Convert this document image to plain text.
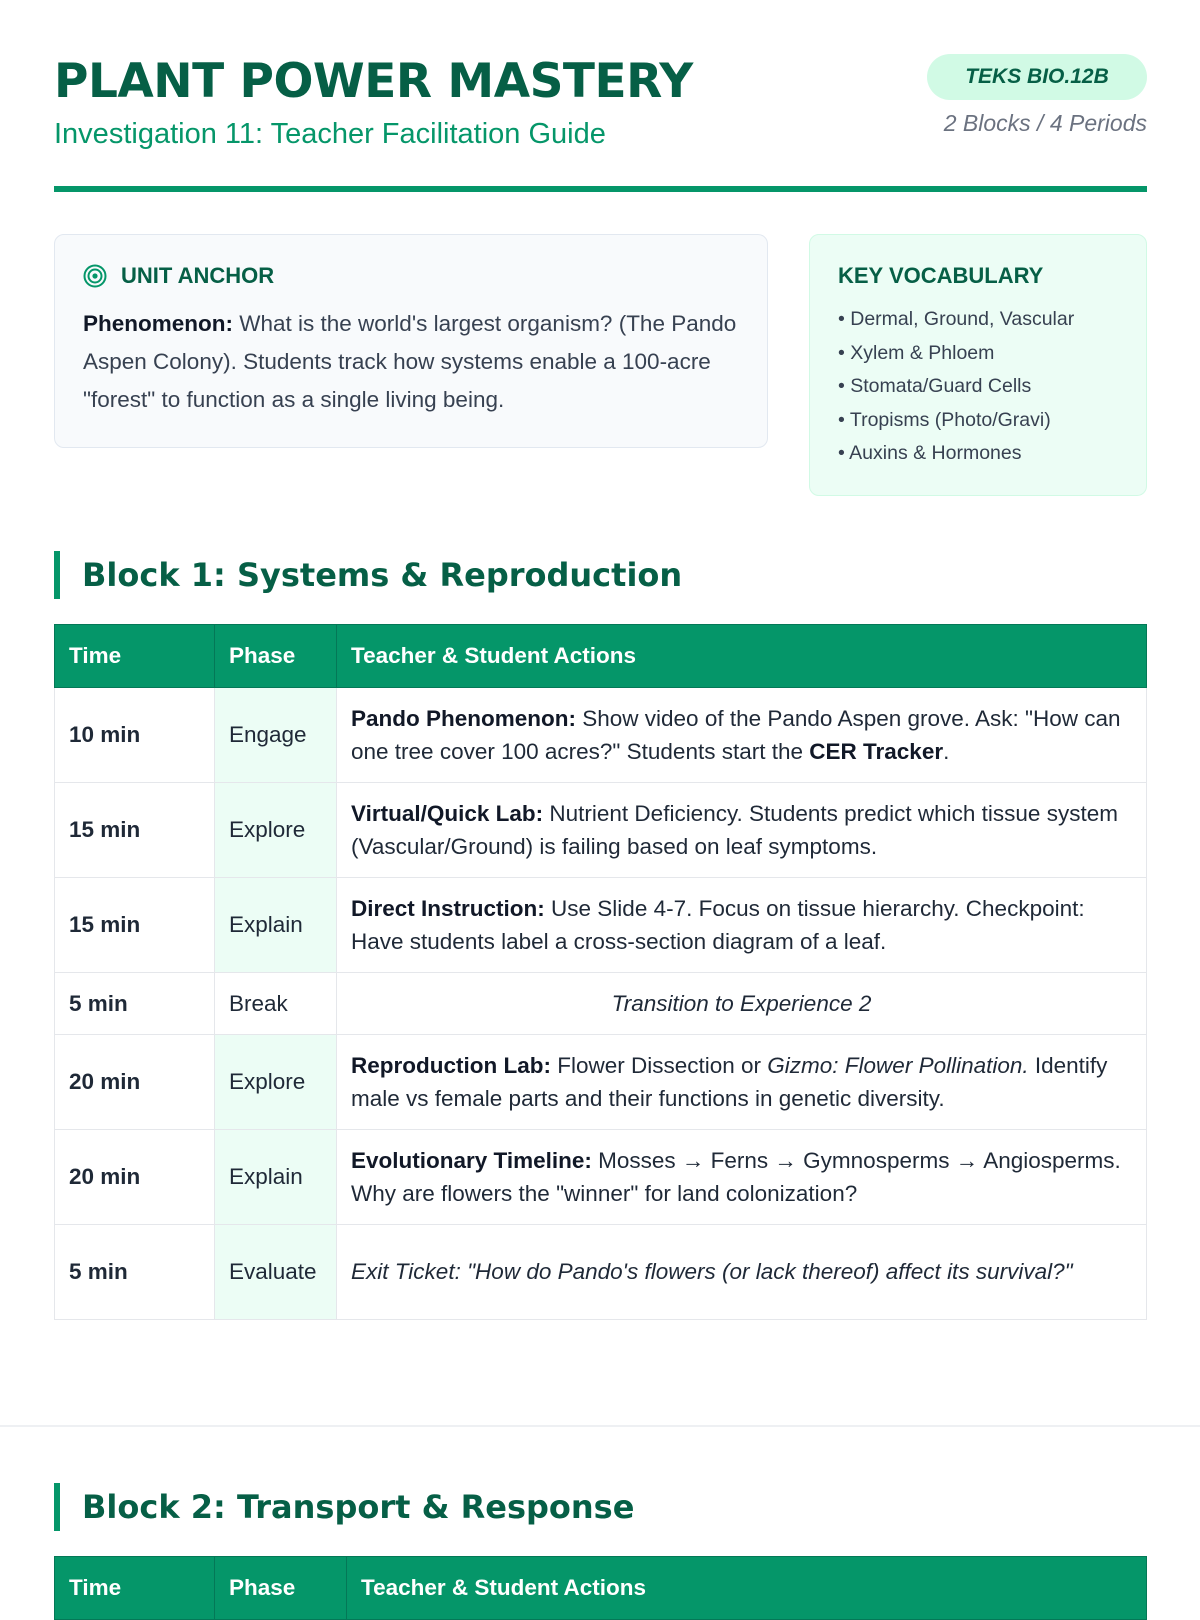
PLANT POWER MASTERY
Investigation 11: Teacher Facilitation Guide
TEKS BIO.12B
2 Blocks / 4 Periods
UNIT ANCHOR
Phenomenon: What is the world's largest organism? (The Pando Aspen Colony). Students track how systems enable a 100-acre "forest" to function as a single living being.
KEY VOCABULARY
• Dermal, Ground, Vascular
• Xylem & Phloem
• Stomata/Guard Cells
• Tropisms (Photo/Gravi)
• Auxins & Hormones
Block 1: Systems & Reproduction
Time	Phase	Teacher & Student Actions
10 min	Engage	Pando Phenomenon: Show video of the Pando Aspen grove. Ask: "How can one tree cover 100 acres?" Students start the CER Tracker.
15 min	Explore	Virtual/Quick Lab: Nutrient Deficiency. Students predict which tissue system (Vascular/Ground) is failing based on leaf symptoms.
15 min	Explain	Direct Instruction: Use Slide 4-7. Focus on tissue hierarchy. Checkpoint: Have students label a cross-section diagram of a leaf.
5 min	Break	Transition to Experience 2
20 min	Explore	Reproduction Lab: Flower Dissection or Gizmo: Flower Pollination. Identify male vs female parts and their functions in genetic diversity.
20 min	Explain	Evolutionary Timeline: Mosses → Ferns → Gymnosperms → Angiosperms. Why are flowers the "winner" for land colonization?
5 min	Evaluate	Exit Ticket: "How do Pando's flowers (or lack thereof) affect its survival?"
Block 2: Transport & Response
Time	Phase	Teacher & Student Actions
